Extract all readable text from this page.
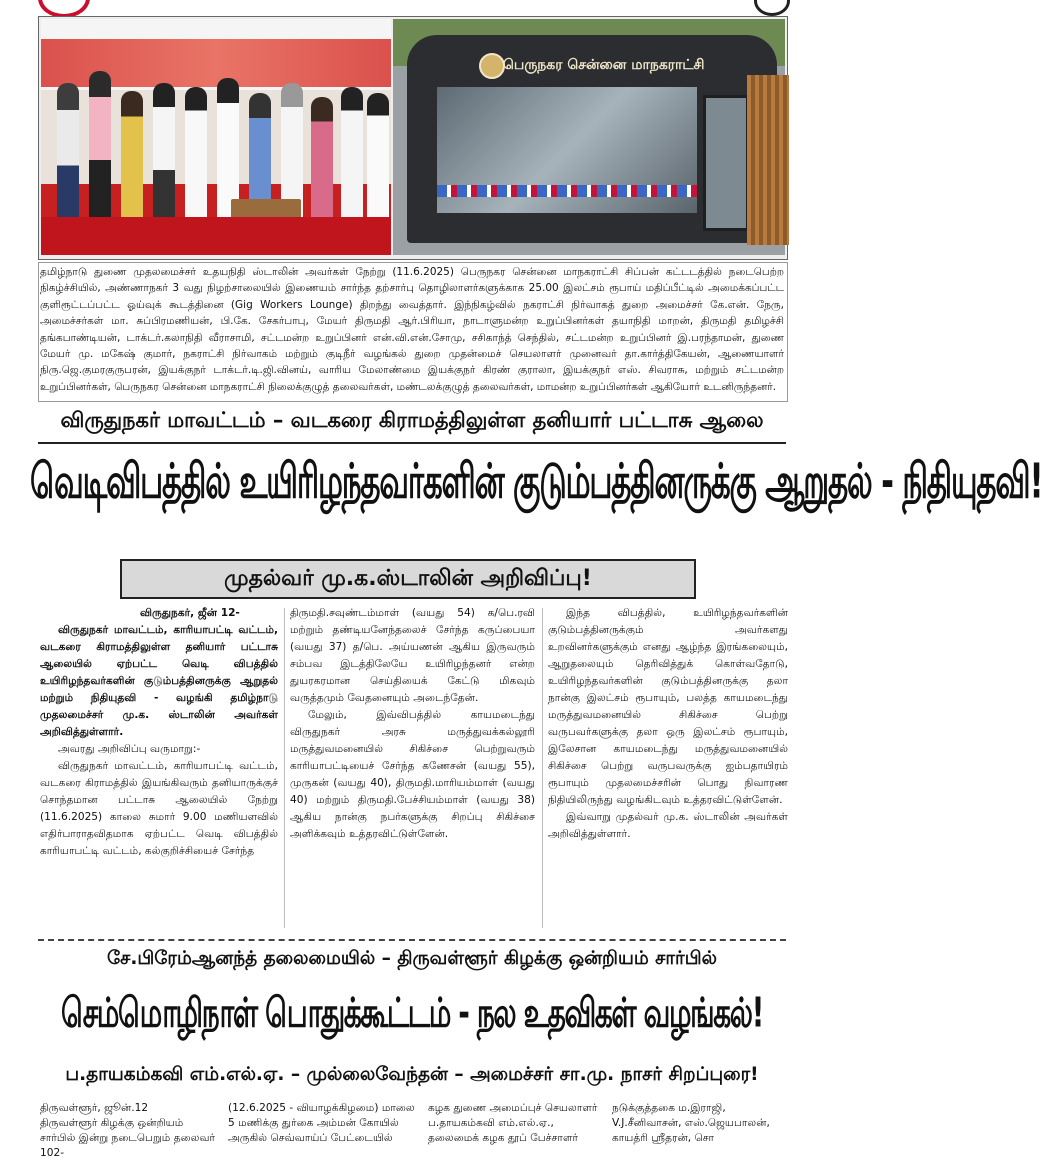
பெருநகர சென்னை மாநகராட்சி
தமிழ்நாடு துணை முதலமைச்சர் உதயநிதி ஸ்டாலின் அவர்கள் நேற்று (11.6.2025) பெருநகர சென்னை மாநகராட்சி சிப்பன் கட்டடத்தில் நடைபெற்ற நிகழ்ச்சியில், அண்ணாநகர் 3 வது நிழற்சாலையில் இணையம் சார்ந்த தற்சார்பு தொழிலாளர்களுக்காக 25.00 இலட்சம் ரூபாய் மதிப்பீட்டில் அமைக்கப்பட்ட குளிரூட்டப்பட்ட ஓய்வுக் கூடத்தினை (Gig Workers Lounge) திறந்து வைத்தார். இந்நிகழ்வில் நகராட்சி நிர்வாகத் துறை அமைச்சர் கே.என். நேரு, அமைச்சர்கள் மா. சுப்பிரமணியன், பி.கே. சேகர்பாபு, மேயர் திருமதி ஆர்.பிரியா, நாடாளுமன்ற உறுப்பினர்கள் தயாநிதி மாறன், திருமதி தமிழச்சி தங்கபாண்டியன், டாக்டர்.கலாநிதி வீராசாமி, சட்டமன்ற உறுப்பினர் என்.வி.என்.சோமு, சசிகாந்த் செந்தில், சட்டமன்ற உறுப்பினர் இ.பரந்தாமன், துணை மேயர் மு. மகேஷ் குமார், நகராட்சி நிர்வாகம் மற்றும் குடிநீர் வழங்கல் துறை முதன்மைச் செயலாளர் முனைவர் தா.கார்த்திகேயன், ஆணையாளர் நிரு.ஜெ.குமரகுருபரன், இயக்குநர் டாக்டர்.டி.ஜி.வினய், வாரிய மேலாண்மை இயக்குநர் கிரண் குராலா, இயக்குநர் எஸ். சிவராசு, மற்றும் சட்டமன்ற உறுப்பினர்கள், பெருநகர சென்னை மாநகராட்சி நிலைக்குழுத் தலைவர்கள், மண்டலக்குழுத் தலைவர்கள், மாமன்ற உறுப்பினர்கள் ஆகியோர் உடனிருந்தனர்.
விருதுநகர் மாவட்டம் – வடகரை கிராமத்திலுள்ள தனியார் பட்டாசு ஆலை
வெடிவிபத்தில் உயிரிழந்தவர்களின் குடும்பத்தினருக்கு ஆறுதல் - நிதியுதவி!
முதல்வர் மு.க.ஸ்டாலின் அறிவிப்பு!

விருதுநகர், ஜீன் 12-

விருதுநகர் மாவட்டம், காரியாபட்டி வட்டம், வடகரை கிராமத்திலுள்ள தனியார் பட்டாசு ஆலையில் ஏற்பட்ட வெடி விபத்தில் உயிரிழந்தவர்களின் குடும்பத்தினருக்கு ஆறுதல் மற்றும் நிதியுதவி - வழங்கி தமிழ்நாடு முதலமைச்சர் மு.க. ஸ்டாலின் அவர்கள் அறிவித்துள்ளார்.

அவரது அறிவிப்பு வருமாறு:-

விருதுநகர் மாவட்டம், காரியாபட்டி வட்டம், வடகரை கிராமத்தில் இயங்கிவரும் தனியாருக்குச் சொந்தமான பட்டாசு ஆலையில் நேற்று (11.6.2025) காலை சுமார் 9.00 மணியளவில் எதிர்பாராதவிதமாக ஏற்பட்ட வெடி விபத்தில் காரியாபட்டி வட்டம், கல்குறிச்சியைச் சேர்ந்த

திருமதி.சவுண்டம்மாள் (வயது 54) க/பெ.ரவி மற்றும் தண்டியனேந்தலைச் சேர்ந்த கருப்பையா (வயது 37) த/பெ. அய்யணன் ஆகிய இருவரும் சம்பவ இடத்திலேயே உயிரிழந்தனர் என்ற துயரகரமான செய்தியைக் கேட்டு மிகவும் வருத்தமும் வேதனையும் அடைந்தேன்.

மேலும், இவ்விபத்தில் காயமடைந்து விருதுநகர் அரசு மருத்துவக்கல்லூரி மருத்துவமனையில் சிகிச்சை பெற்றுவரும் காரியாபட்டியைச் சேர்ந்த கணேசன் (வயது 55), முருகன் (வயது 40), திருமதி.மாரியம்மாள் (வயது 40) மற்றும் திருமதி.பேச்சியம்மாள் (வயது 38) ஆகிய நான்கு நபர்களுக்கு சிறப்பு சிகிச்சை அளிக்கவும் உத்தரவிட்டுள்ளேன்.

இந்த விபத்தில், உயிரிழந்தவர்களின் குடும்பத்தினருக்கும் அவர்களது உறவினர்களுக்கும் எனது ஆழ்ந்த இரங்கலையும், ஆறுதலையும் தெரிவித்துக் கொள்வதோடு, உயிரிழந்தவர்களின் குடும்பத்தினருக்கு தலா நான்கு இலட்சம் ரூபாயும், பலத்த காயமடைந்து மருத்துவமனையில் சிகிச்சை பெற்று வருபவர்களுக்கு தலா ஒரு இலட்சம் ரூபாயும், இலேசான காயமடைந்து மருத்துவமனையில் சிகிச்சை பெற்று வருபவருக்கு ஐம்பதாயிரம் ரூபாயும் முதலமைச்சரின் பொது நிவாரண நிதியிலிருந்து வழங்கிடவும் உத்தரவிட்டுள்ளேன்.

இவ்வாறு முதல்வர் மு.க. ஸ்டாலின் அவர்கள் அறிவித்துள்ளார்.

சே.பிரேம்ஆனந்த் தலைமையில் – திருவள்ளூர் கிழக்கு ஒன்றியம் சார்பில்
செம்மொழிநாள் பொதுக்கூட்டம் - நல உதவிகள் வழங்கல்!
ப.தாயகம்கவி எம்.எல்.ஏ. – முல்லைவேந்தன் – அமைச்சர் சா.மு. நாசர் சிறப்புரை!
திருவள்ளூர், ஜூன்.12
திருவள்ளூர் கிழக்கு ஒன்றியம் சார்பில் இன்று நடைபெறும் தலைவர் 102-
(12.6.2025 - வியாழக்கிழமை) மாலை 5 மணிக்கு துர்கை அம்மன் கோயில் அருகில் செவ்வாய்ப் பேட்டையில்
கழக துணை அமைப்புச் செயலாளர் ப.தாயகம்கவி எம்.எல்.ஏ., தலைமைக் கழக தூப் பேச்சாளர்
நடுக்குத்தகை ம.இராஜி, V.J.சீனிவாசன், எஸ்.ஜெயபாலன், காயத்ரி ஸ்ரீதரன், சொ
